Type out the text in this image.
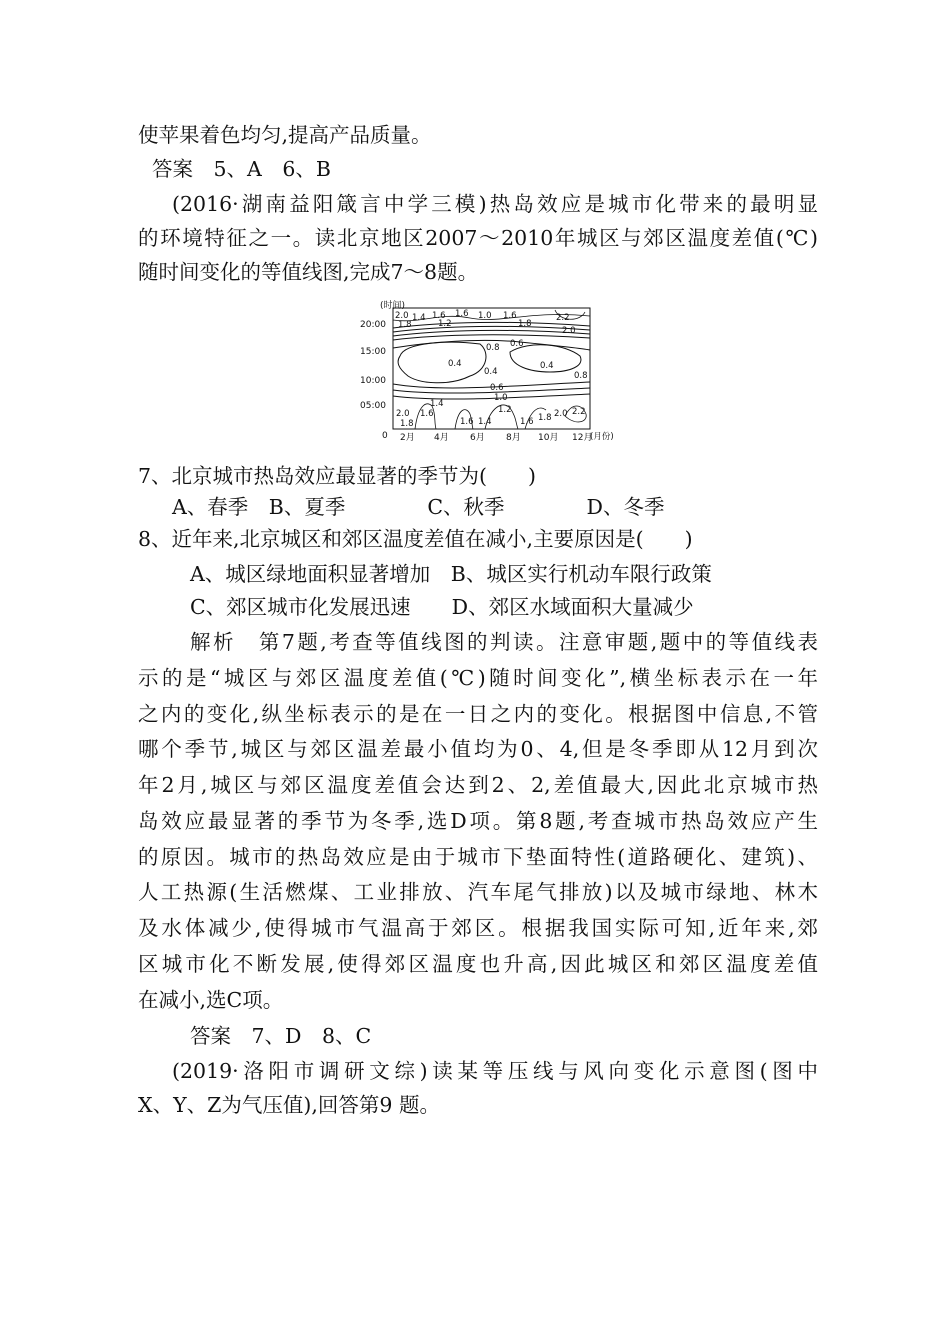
使苹果着色均匀,提高产品质量。
答案　5、A　6、B
(2016·湖南益阳箴言中学三模)热岛效应是城市化带来的最明显
的环境特征之一。读北京地区2007～2010年城区与郊区温度差值(℃)
随时间变化的等值线图,完成7～8题。
(时间)
20:00
15:00
10:00
05:00
0
2.0
1.8
1.4 1.6
1.2
1.6 1.0 1.6
1.8
2.2
2.0
0.6
0.8
0.4
0.4
0.4
0.6
0.8
1.0
1.4
1.2
1.6
2.0
1.8	1.6 1.4	1.6 1.8 2.0 2.2
2月 4月 6月 8月 10月 12月
(月份)
7、北京城市热岛效应最显著的季节为(　　)
A、春季　B、夏季　　　　C、秋季　　　　D、冬季
8、近年来,北京城区和郊区温度差值在减小,主要原因是(　　)
A、城区绿地面积显著增加　B、城区实行机动车限行政策
C、郊区城市化发展迅速　　D、郊区水域面积大量减少
解析　第7题,考查等值线图的判读。注意审题,题中的等值线表
示的是“城区与郊区温度差值(℃)随时间变化”,横坐标表示在一年
之内的变化,纵坐标表示的是在一日之内的变化。根据图中信息,不管
哪个季节,城区与郊区温差最小值均为0、4,但是冬季即从12月到次
年2月,城区与郊区温度差值会达到2、2,差值最大,因此北京城市热
岛效应最显著的季节为冬季,选D项。第8题,考查城市热岛效应产生
的原因。城市的热岛效应是由于城市下垫面特性(道路硬化、建筑)、
人工热源(生活燃煤、工业排放、汽车尾气排放)以及城市绿地、林木
及水体减少,使得城市气温高于郊区。根据我国实际可知,近年来,郊
区城市化不断发展,使得郊区温度也升高,因此城区和郊区温度差值
在减小,选C项。
答案　7、D　8、C
(2019·洛阳市调研文综)读某等压线与风向变化示意图(图中
X、Y、Z为气压值),回答第9 题。
